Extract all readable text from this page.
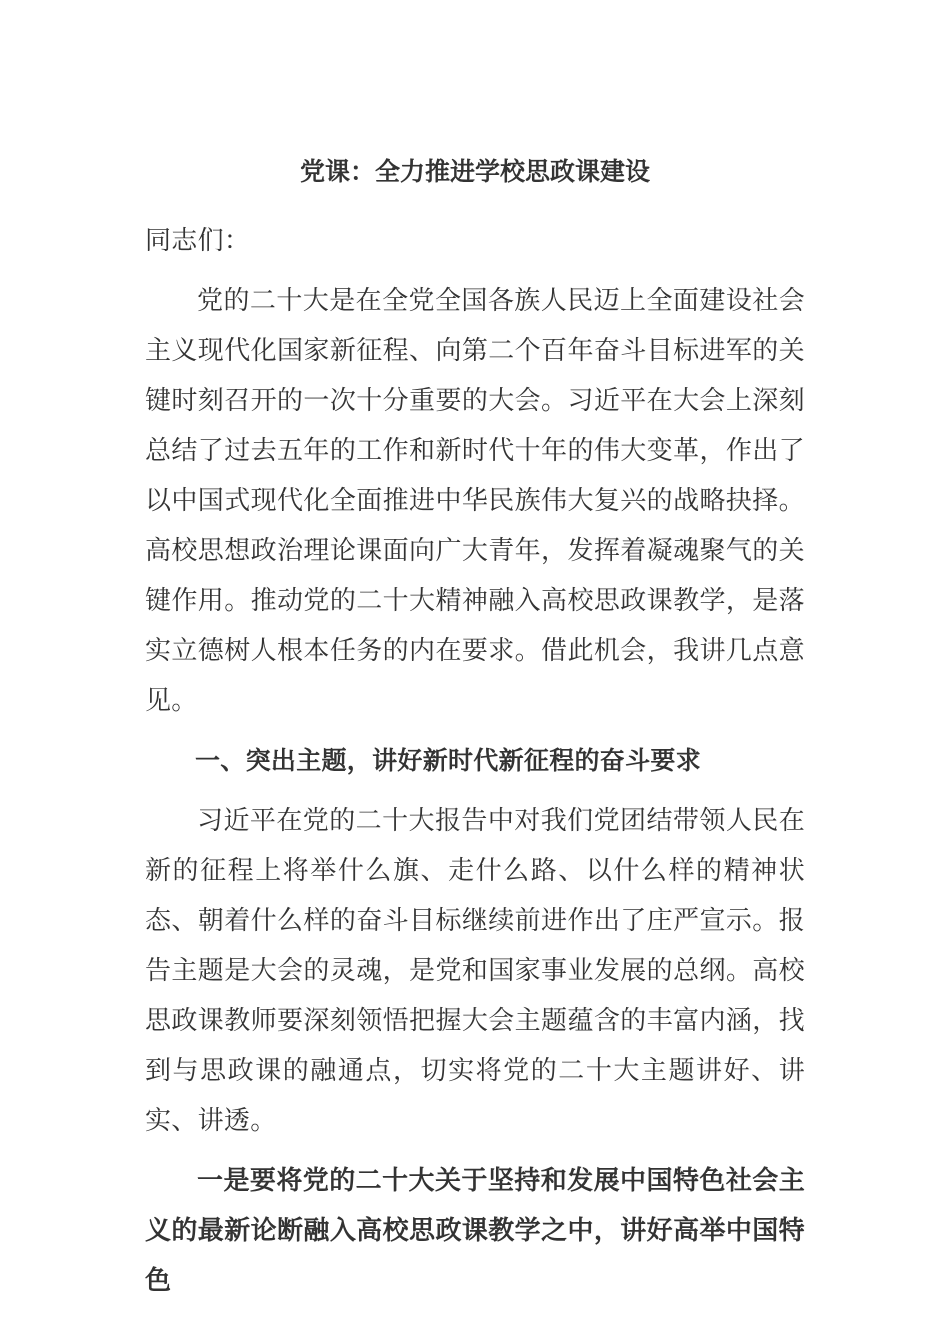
党课：全力推进学校思政课建设

同志们：

党的二十大是在全党全国各族人民迈上全面建设社会主义现代化国家新征程、向第二个百年奋斗目标进军的关键时刻召开的一次十分重要的大会。习近平在大会上深刻总结了过去五年的工作和新时代十年的伟大变革，作出了以中国式现代化全面推进中华民族伟大复兴的战略抉择。高校思想政治理论课面向广大青年，发挥着凝魂聚气的关键作用。推动党的二十大精神融入高校思政课教学，是落实立德树人根本任务的内在要求。借此机会，我讲几点意见。

一、突出主题，讲好新时代新征程的奋斗要求

习近平在党的二十大报告中对我们党团结带领人民在新的征程上将举什么旗、走什么路、以什么样的精神状态、朝着什么样的奋斗目标继续前进作出了庄严宣示。报告主题是大会的灵魂，是党和国家事业发展的总纲。高校思政课教师要深刻领悟把握大会主题蕴含的丰富内涵，找到与思政课的融通点，切实将党的二十大主题讲好、讲实、讲透。

一是要将党的二十大关于坚持和发展中国特色社会主义的最新论断融入高校思政课教学之中，讲好高举中国特色
